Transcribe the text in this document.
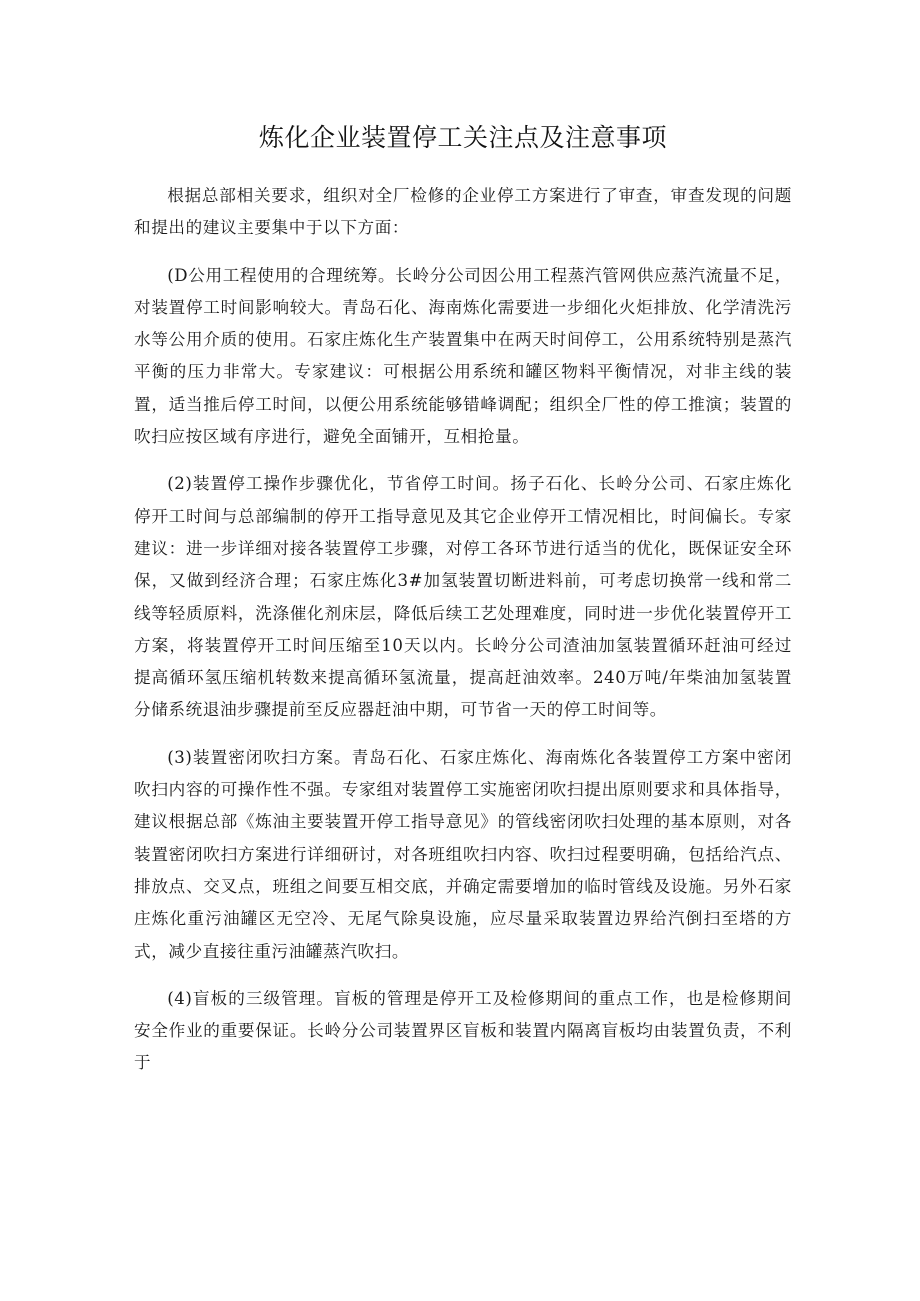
炼化企业装置停工关注点及注意事项

根据总部相关要求，组织对全厂检修的企业停工方案进行了审查，审查发现的问题和提出的建议主要集中于以下方面：

(D公用工程使用的合理统筹。长岭分公司因公用工程蒸汽管网供应蒸汽流量不足，对装置停工时间影响较大。青岛石化、海南炼化需要进一步细化火炬排放、化学清洗污水等公用介质的使用。石家庄炼化生产装置集中在两天时间停工，公用系统特别是蒸汽平衡的压力非常大。专家建议：可根据公用系统和罐区物料平衡情况，对非主线的装置，适当推后停工时间，以便公用系统能够错峰调配；组织全厂性的停工推演；装置的吹扫应按区域有序进行，避免全面铺开，互相抢量。

(2)装置停工操作步骤优化，节省停工时间。扬子石化、长岭分公司、石家庄炼化停开工时间与总部编制的停开工指导意见及其它企业停开工情况相比，时间偏长。专家建议：进一步详细对接各装置停工步骤，对停工各环节进行适当的优化，既保证安全环保，又做到经济合理；石家庄炼化3#加氢装置切断进料前，可考虑切换常一线和常二线等轻质原料，洗涤催化剂床层，降低后续工艺处理难度，同时进一步优化装置停开工方案，将装置停开工时间压缩至10天以内。长岭分公司渣油加氢装置循环赶油可经过提高循环氢压缩机转数来提高循环氢流量，提高赶油效率。240万吨/年柴油加氢装置分储系统退油步骤提前至反应器赶油中期，可节省一天的停工时间等。

(3)装置密闭吹扫方案。青岛石化、石家庄炼化、海南炼化各装置停工方案中密闭吹扫内容的可操作性不强。专家组对装置停工实施密闭吹扫提出原则要求和具体指导，建议根据总部《炼油主要装置开停工指导意见》的管线密闭吹扫处理的基本原则，对各装置密闭吹扫方案进行详细研讨，对各班组吹扫内容、吹扫过程要明确，包括给汽点、排放点、交叉点，班组之间要互相交底，并确定需要增加的临时管线及设施。另外石家庄炼化重污油罐区无空冷、无尾气除臭设施，应尽量采取装置边界给汽倒扫至塔的方式，减少直接往重污油罐蒸汽吹扫。

(4)盲板的三级管理。盲板的管理是停开工及检修期间的重点工作，也是检修期间安全作业的重要保证。长岭分公司装置界区盲板和装置内隔离盲板均由装置负责，不利于
